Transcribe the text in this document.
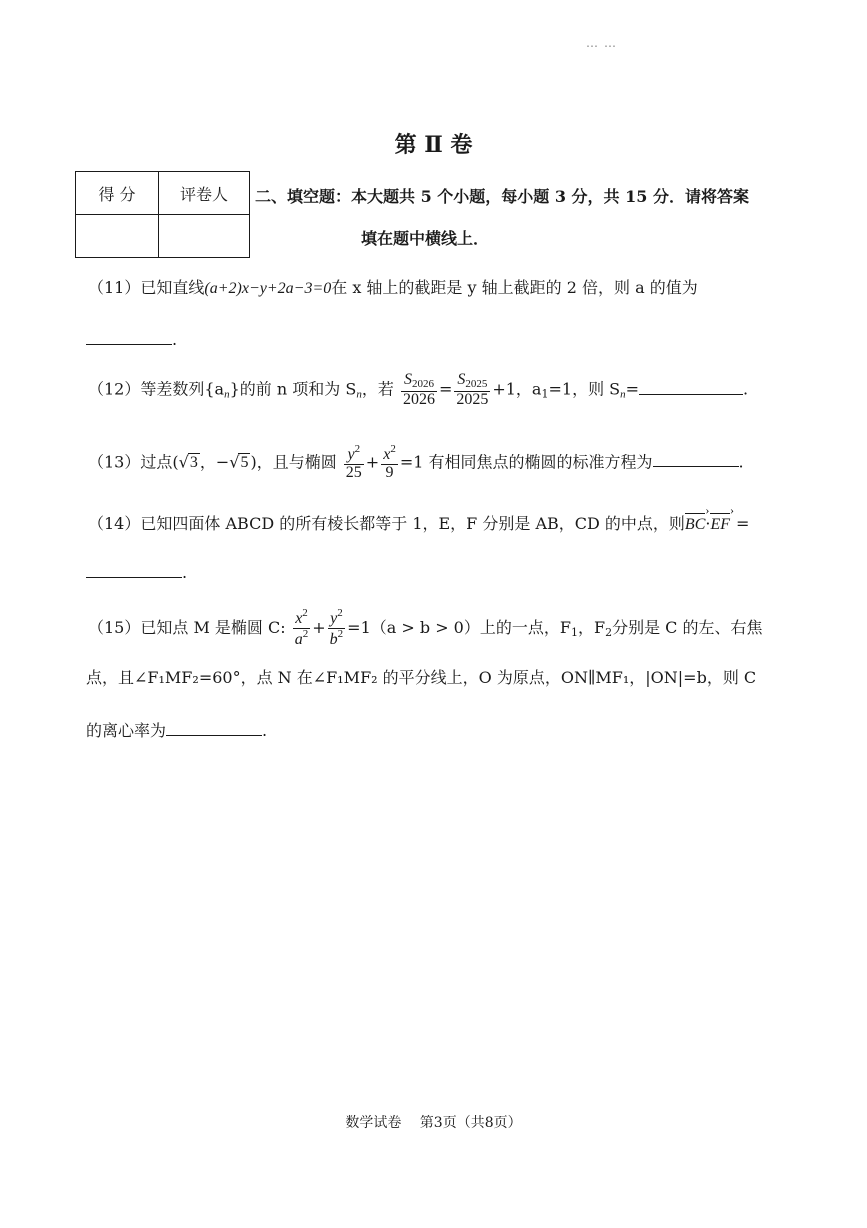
……
第 Ⅱ 卷
得 分	评卷人
	二、填空题：本大题共 5 个小题，每小题 3 分，共 15 分．请将答案
填在题中横线上．
（11）已知直线(a+2)x−y+2a−3=0在 x 轴上的截距是 y 轴上截距的 2 倍，则 a 的值为
.
（12）等差数列$\{a_n\}$的前 n 项和为 $S_n$，若 $\frac{S_{2026}}{2026} = \frac{S_{2025}}{2025} +1$，$a_1=1$，则 $S_n=$	.
（13）过点(√3 ，−√5 )，且与椭圆 $\frac{y^2}{25} + \frac{x^2}{9} =1$ 有相同焦点的椭圆的标准方程为	.
（14）已知四面体 ABCD 的所有棱长都等于 1，E，F 分别是 AB，CD 的中点，则BC ›·EF › =
.
（15）已知点 M 是椭圆 C: $\frac{x^2}{a^2} + \frac{y^2}{b^2} =1(a > b > 0)$上的一点，$F_1$，$F_2$分别是 C 的左、右焦
点，且∠F₁MF₂=60°，点 N 在∠F₁MF₂ 的平分线上，O 为原点，ON∥MF₁，|ON|=b，则 C
的离心率为	.
数学试卷　 第3页（共8页）
